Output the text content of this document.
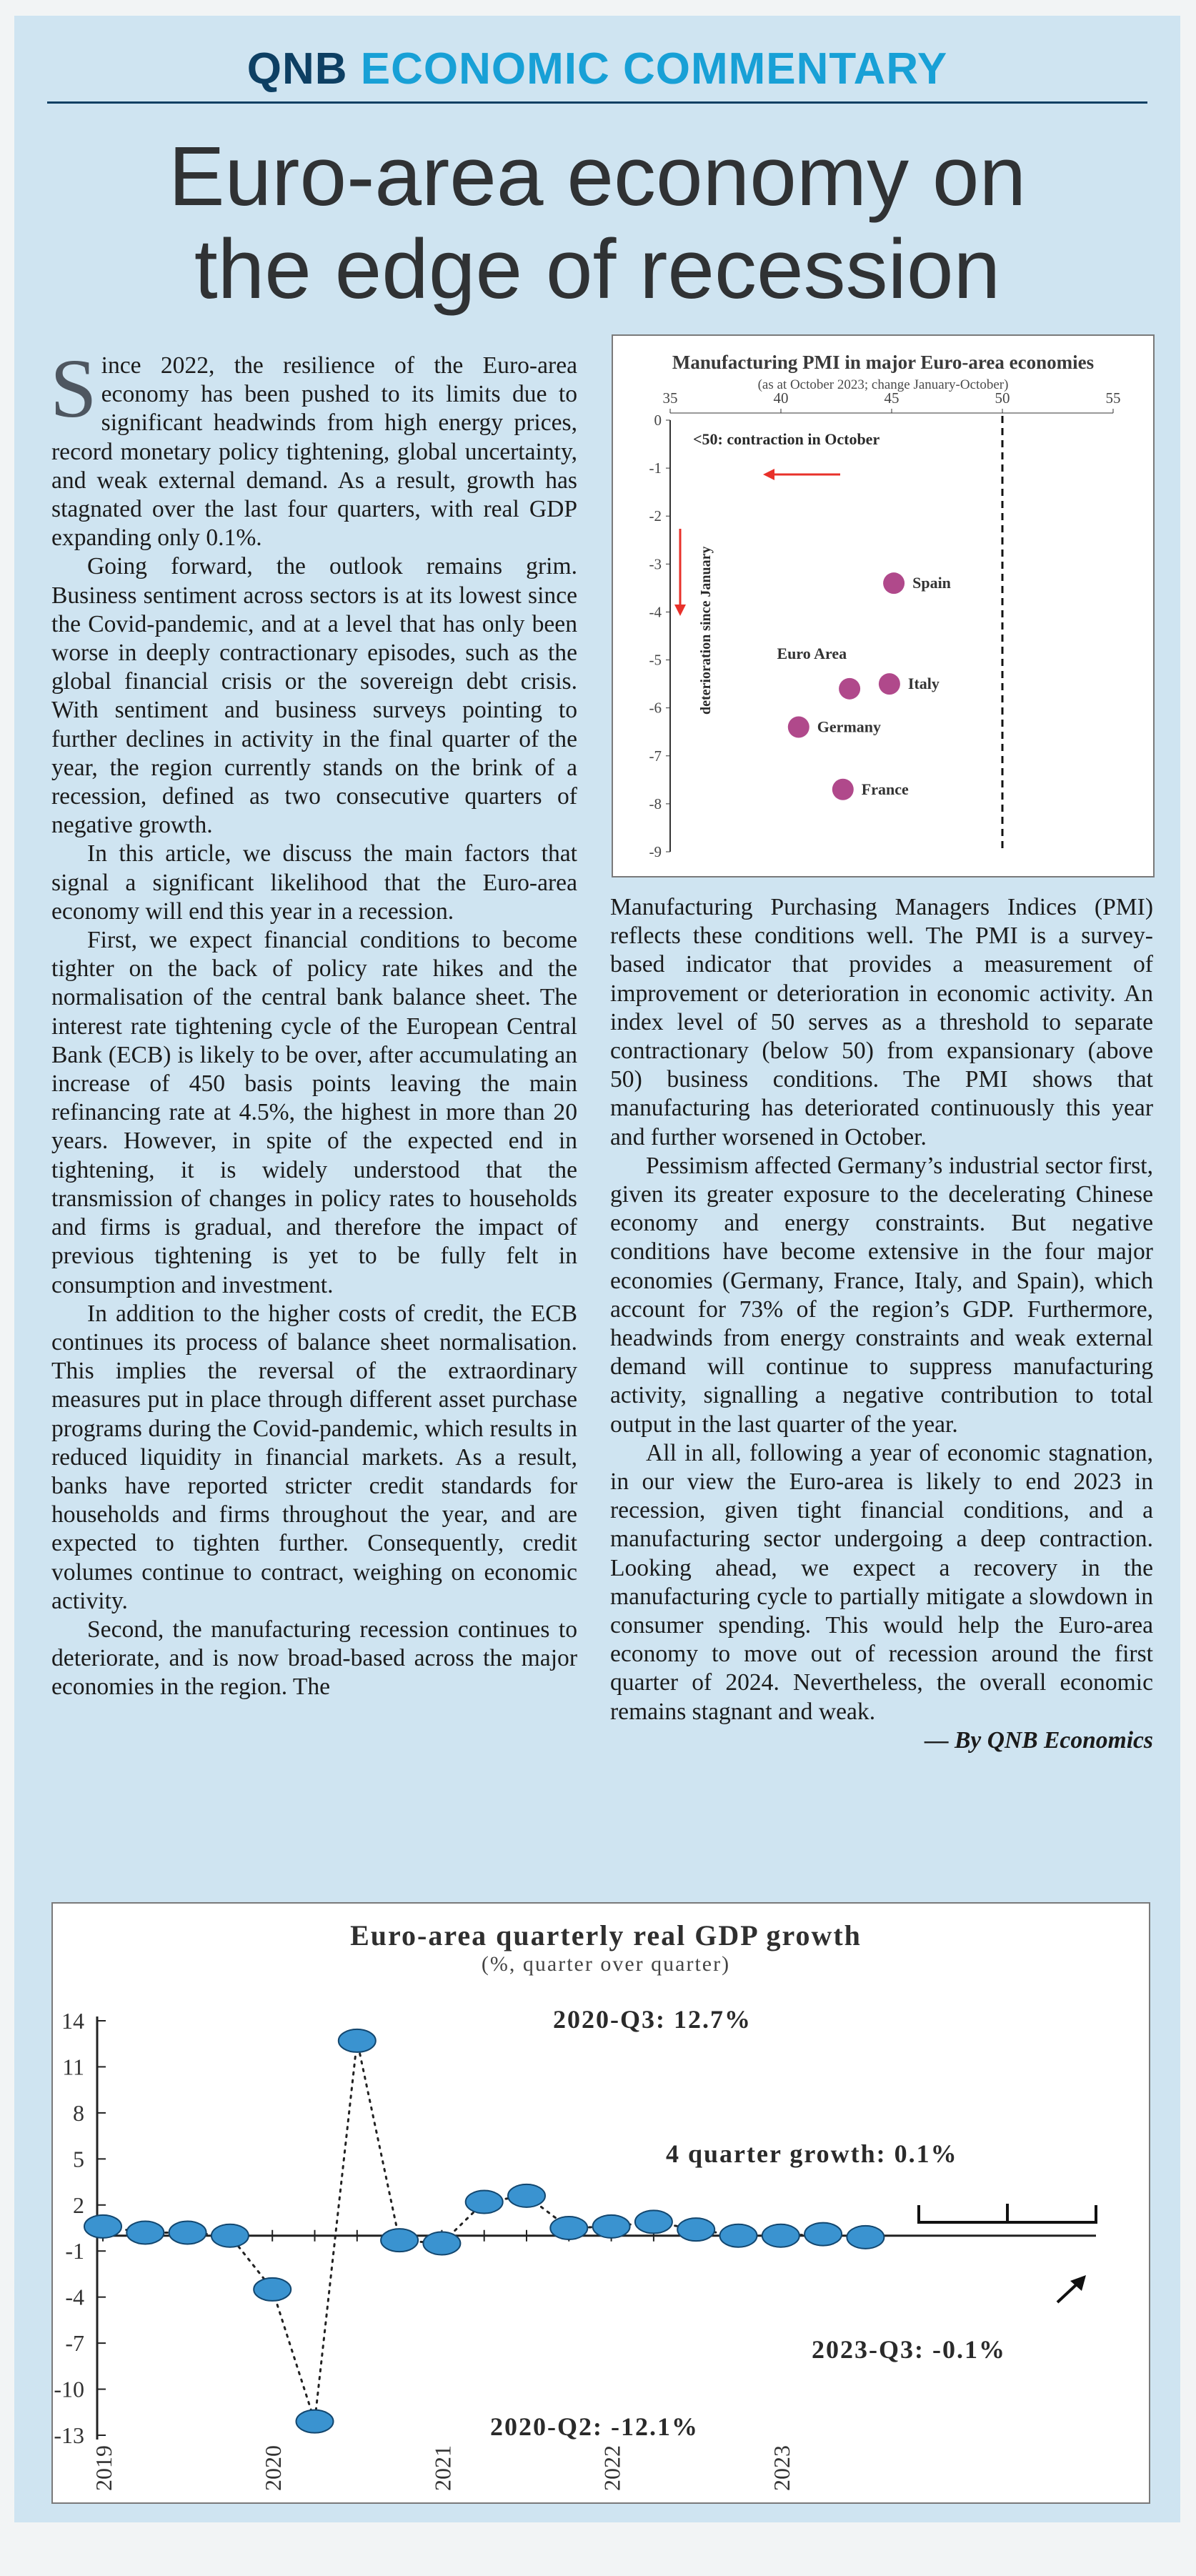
QNB ECONOMIC COMMENTARY
Euro-area economy on
the edge of recession

Since 2022, the resilience of the Euro-area economy has been pushed to its limits due to significant headwinds from high energy prices, record monetary policy tightening, global uncertainty, and weak external demand. As a result, growth has stagnated over the last four quarters, with real GDP expanding only 0.1%.

Going forward, the outlook remains grim. Business sentiment across sectors is at its lowest since the Covid-pandemic, and at a level that has only been worse in deeply contractionary episodes, such as the global financial crisis or the sovereign debt crisis. With sentiment and business surveys pointing to further declines in activity in the final quarter of the year, the region currently stands on the brink of a recession, defined as two consecutive quarters of negative growth.

In this article, we discuss the main factors that signal a significant likelihood that the Euro-area economy will end this year in a recession.

First, we expect financial conditions to become tighter on the back of policy rate hikes and the normalisation of the central bank balance sheet. The interest rate tightening cycle of the European Central Bank (ECB) is likely to be over, after accumulating an increase of 450 basis points leaving the main refinancing rate at 4.5%, the highest in more than 20 years. However, in spite of the expected end in tightening, it is widely understood that the transmission of changes in policy rates to households and firms is gradual, and therefore the impact of previous tightening is yet to be fully felt in consumption and investment.

In addition to the higher costs of credit, the ECB continues its process of balance sheet normalisation. This implies the reversal of the extraordinary measures put in place through different asset purchase programs during the Covid-pandemic, which results in reduced liquidity in financial markets. As a result, banks have reported stricter credit standards for households and firms throughout the year, and are expected to tighten further. Consequently, credit volumes continue to contract, weighing on economic activity.

Second, the manufacturing recession continues to deteriorate, and is now broad-based across the major economies in the region. The

Manufacturing PMI in major Euro-area economies
(as at October 2023; change January-October)
35	40	45	50	55
0
-1
-2
-3
-4
-5
-6
-7
-8
-9
Spain
Italy
Euro Area
Germany
France
<50: contraction in October
deterioration since January

Manufacturing Purchasing Managers Indices (PMI) reflects these conditions well. The PMI is a survey-based indicator that provides a measurement of improvement or deterioration in economic activity. An index level of 50 serves as a threshold to separate contractionary (below 50) from expansionary (above 50) business conditions. The PMI shows that manufacturing has deteriorated continuously this year and further worsened in October.

Pessimism affected Germany’s industrial sector first, given its greater exposure to the decelerating Chinese economy and energy constraints. But negative conditions have become extensive in the four major economies (Germany, France, Italy, and Spain), which account for 73% of the region’s GDP. Furthermore, headwinds from energy constraints and weak external demand will continue to suppress manufacturing activity, signalling a negative contribution to total output in the last quarter of the year.

All in all, following a year of economic stagnation, in our view the Euro-area is likely to end 2023 in recession, given tight financial conditions, and a manufacturing sector undergoing a deep contraction. Looking ahead, we expect a recovery in the manufacturing cycle to partially mitigate a slowdown in consumer spending. This would help the Euro-area economy to move out of recession around the first quarter of 2024. Nevertheless, the overall economic remains stagnant and weak.

— By QNB Economics

Euro-area quarterly real GDP growth
(%, quarter over quarter)
14
11
8
5
2
-1
-4
-7
-10
-13
2019	2020	2021	2022	2023
2020-Q3: 12.7%
2020-Q2: -12.1%
4 quarter growth: 0.1%
2023-Q3: -0.1%
